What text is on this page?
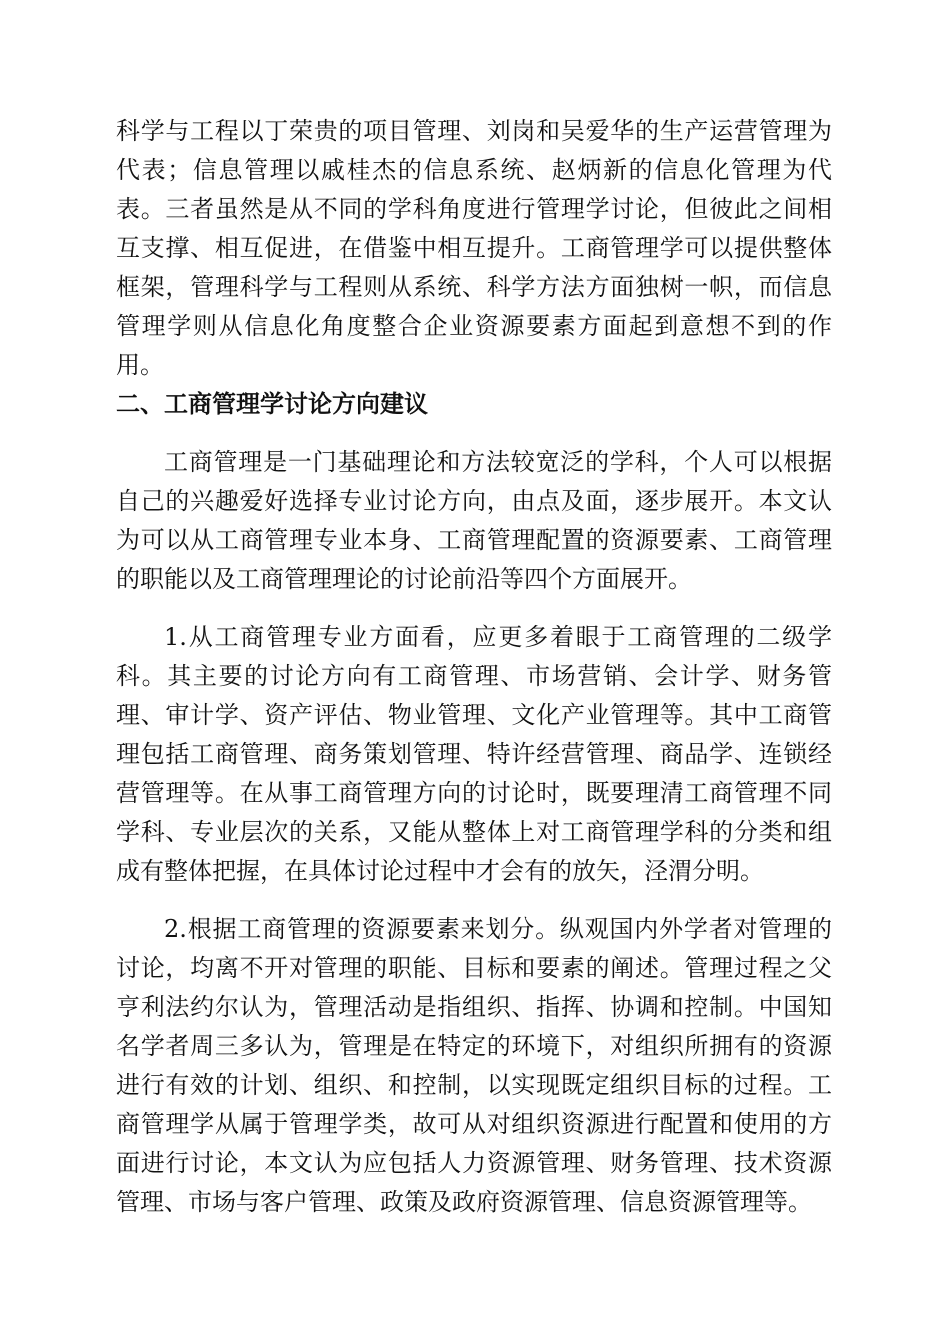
科学与工程以丁荣贵的项目管理、刘岗和吴爱华的生产运营管理为代表；信息管理以戚桂杰的信息系统、赵炳新的信息化管理为代表。三者虽然是从不同的学科角度进行管理学讨论，但彼此之间相互支撑、相互促进，在借鉴中相互提升。工商管理学可以提供整体框架，管理科学与工程则从系统、科学方法方面独树一帜，而信息管理学则从信息化角度整合企业资源要素方面起到意想不到的作用。

二、工商管理学讨论方向建议

工商管理是一门基础理论和方法较宽泛的学科，个人可以根据自己的兴趣爱好选择专业讨论方向，由点及面，逐步展开。本文认为可以从工商管理专业本身、工商管理配置的资源要素、工商管理的职能以及工商管理理论的讨论前沿等四个方面展开。

1.从工商管理专业方面看，应更多着眼于工商管理的二级学科。其主要的讨论方向有工商管理、市场营销、会计学、财务管理、审计学、资产评估、物业管理、文化产业管理等。其中工商管理包括工商管理、商务策划管理、特许经营管理、商品学、连锁经营管理等。在从事工商管理方向的讨论时，既要理清工商管理不同学科、专业层次的关系，又能从整体上对工商管理学科的分类和组成有整体把握，在具体讨论过程中才会有的放矢，泾渭分明。

2.根据工商管理的资源要素来划分。纵观国内外学者对管理的讨论，均离不开对管理的职能、目标和要素的阐述。管理过程之父亨利法约尔认为，管理活动是指组织、指挥、协调和控制。中国知名学者周三多认为，管理是在特定的环境下，对组织所拥有的资源进行有效的计划、组织、和控制，以实现既定组织目标的过程。工商管理学从属于管理学类，故可从对组织资源进行配置和使用的方面进行讨论，本文认为应包括人力资源管理、财务管理、技术资源管理、市场与客户管理、政策及政府资源管理、信息资源管理等。
